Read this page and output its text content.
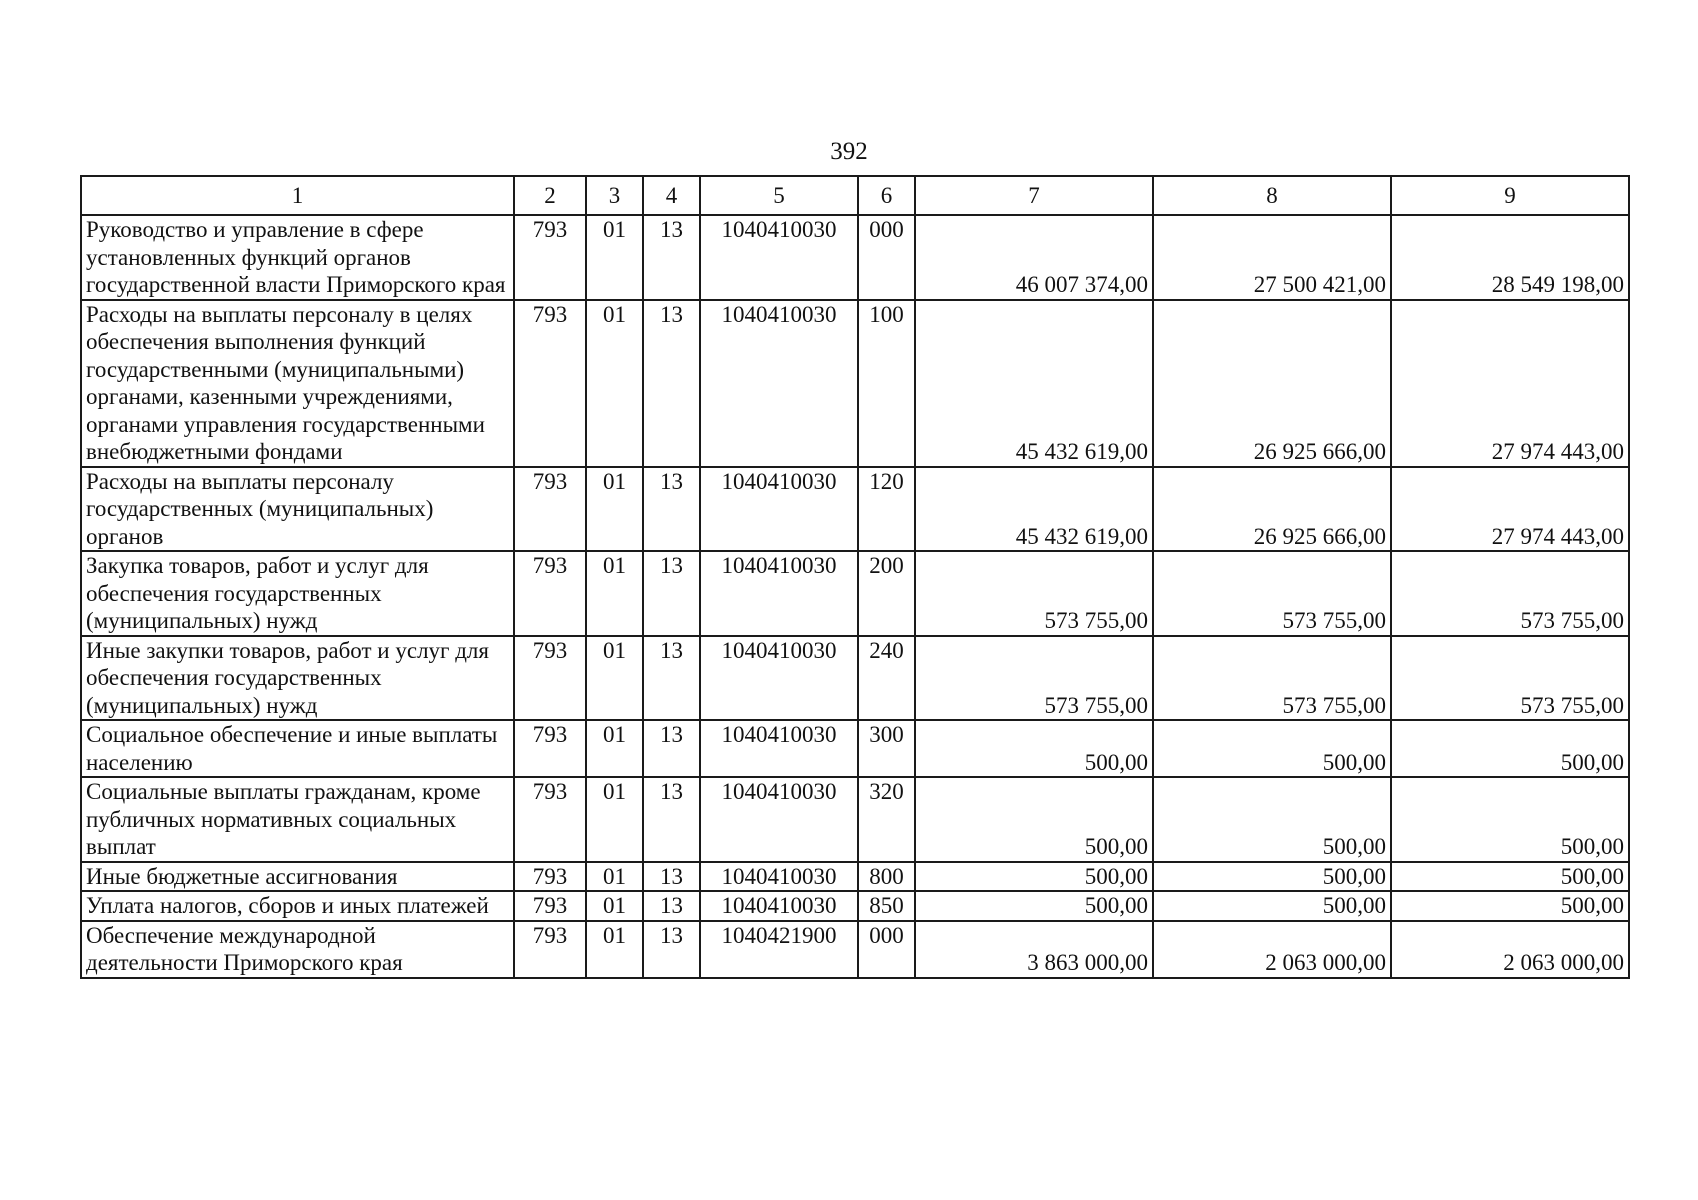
392
1	2	3	4	5	6	7	8	9
Руководство и управление в сфере установленных функций органов государственной власти Приморского края	793	01	13	1040410030	000	46 007 374,00	27 500 421,00	28 549 198,00
Расходы на выплаты персоналу в целях обеспечения выполнения функций государственными (муниципальными) органами, казенными учреждениями, органами управления государственными внебюджетными фондами	793	01	13	1040410030	100	45 432 619,00	26 925 666,00	27 974 443,00
Расходы на выплаты персоналу государственных (муниципальных) органов	793	01	13	1040410030	120	45 432 619,00	26 925 666,00	27 974 443,00
Закупка товаров, работ и услуг для обеспечения государственных (муниципальных) нужд	793	01	13	1040410030	200	573 755,00	573 755,00	573 755,00
Иные закупки товаров, работ и услуг для обеспечения государственных (муниципальных) нужд	793	01	13	1040410030	240	573 755,00	573 755,00	573 755,00
Социальное обеспечение и иные выплаты населению	793	01	13	1040410030	300	500,00	500,00	500,00
Социальные выплаты гражданам, кроме публичных нормативных социальных выплат	793	01	13	1040410030	320	500,00	500,00	500,00
Иные бюджетные ассигнования	793	01	13	1040410030	800	500,00	500,00	500,00
Уплата налогов, сборов и иных платежей	793	01	13	1040410030	850	500,00	500,00	500,00
Обеспечение международной деятельности Приморского края	793	01	13	1040421900	000	3 863 000,00	2 063 000,00	2 063 000,00
